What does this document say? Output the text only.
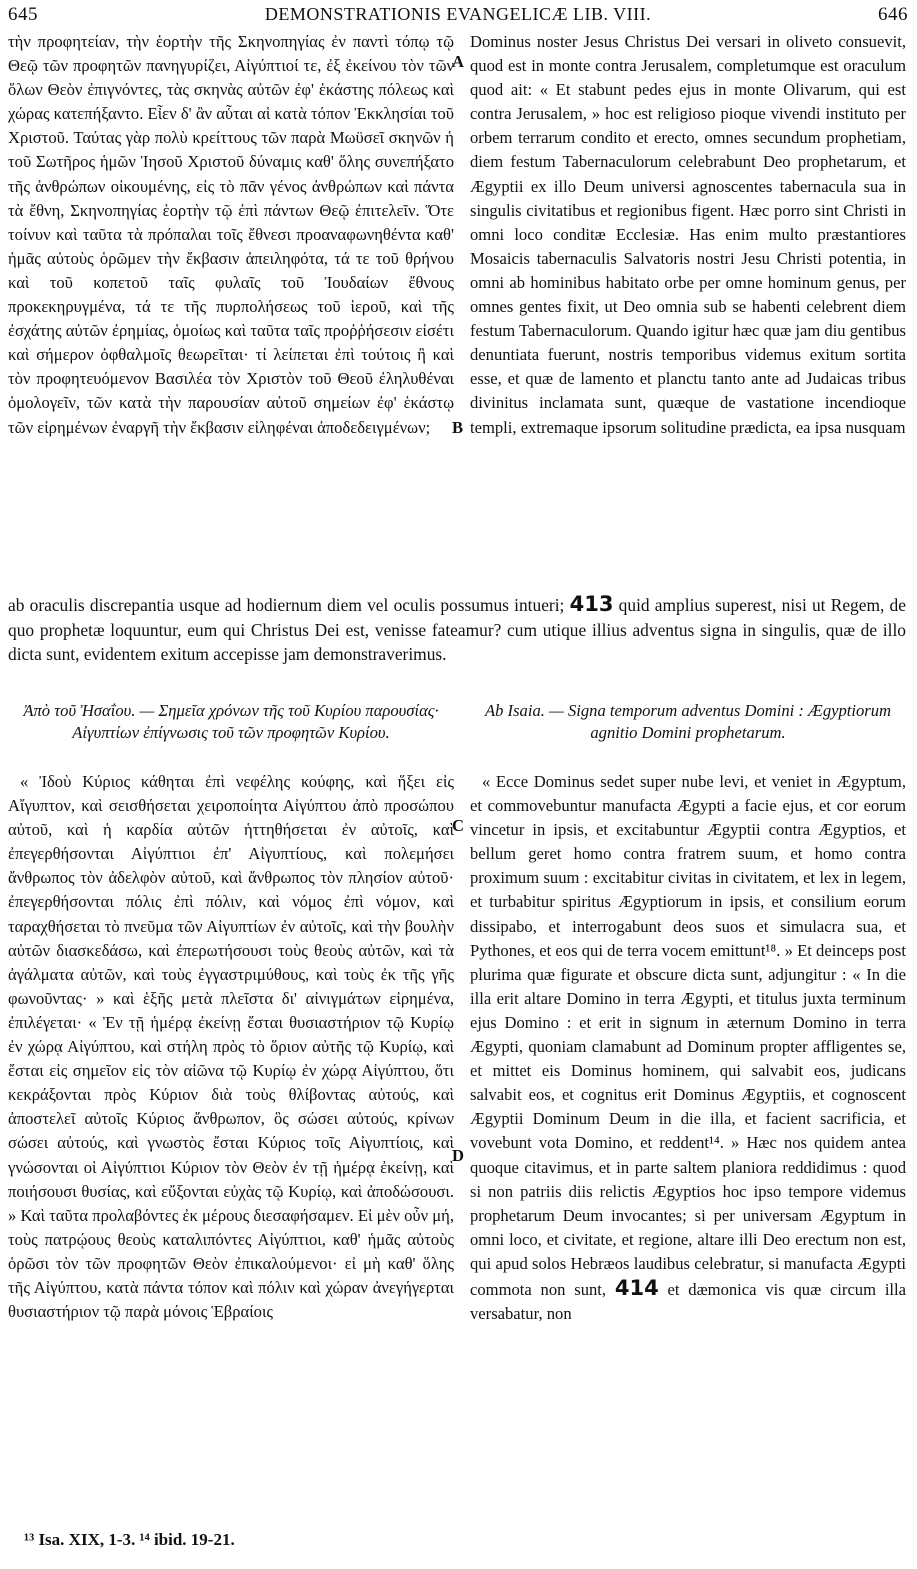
645	DEMONSTRATIONIS EVANGELICÆ LIB. VIII.	646

τὴν προφητείαν, τὴν ἑορτὴν τῆς Σκηνοπηγίας ἐν παντὶ τόπῳ τῷ Θεῷ τῶν προφητῶν πανηγυρίζει, Αἰγύπτιοί τε, ἐξ ἐκείνου τὸν τῶν ὅλων Θεὸν ἐπιγνόντες, τὰς σκηνὰς αὐτῶν ἐφ' ἑκάστης πόλεως καὶ χώρας κατεπήξαντο. Εἶεν δ' ἂν αὗται αἱ κατὰ τόπον Ἐκκλησίαι τοῦ Χριστοῦ. Ταύτας γὰρ πολὺ κρείττους τῶν παρὰ Μωϋσεῖ σκηνῶν ἡ τοῦ Σωτῆρος ἡμῶν Ἰησοῦ Χριστοῦ δύναμις καθ' ὅλης συνεπήξατο τῆς ἀνθρώπων οἰκουμένης, εἰς τὸ πᾶν γένος ἀνθρώπων καὶ πάντα τὰ ἔθνη, Σκηνοπηγίας ἑορτὴν τῷ ἐπὶ πάντων Θεῷ ἐπιτελεῖν. Ὅτε τοίνυν καὶ ταῦτα τὰ πρόπαλαι τοῖς ἔθνεσι προαναφωνηθέντα καθ' ἡμᾶς αὐτοὺς ὁρῶμεν τὴν ἔκβασιν ἀπειληφότα, τά τε τοῦ θρήνου καὶ τοῦ κοπετοῦ ταῖς φυλαῖς τοῦ Ἰουδαίων ἔθνους προκεκηρυγμένα, τά τε τῆς πυρπολήσεως τοῦ ἱεροῦ, καὶ τῆς ἐσχάτης αὐτῶν ἐρημίας, ὁμοίως καὶ ταῦτα ταῖς προῤῥήσεσιν εἰσέτι καὶ σήμερον ὀφθαλμοῖς θεωρεῖται· τί λείπεται ἐπὶ τούτοις ἢ καὶ τὸν προφητευόμενον Βασιλέα τὸν Χριστὸν τοῦ Θεοῦ ἐληλυθέναι ὁμολογεῖν, τῶν κατὰ τὴν παρουσίαν αὐτοῦ σημείων ἐφ' ἑκάστῳ τῶν εἰρημένων ἐναργῆ τὴν ἔκβασιν εἰληφέναι ἀποδεδειγμένων;

Dominus noster Jesus Christus Dei versari in oliveto consuevit, quod est in monte contra Jerusalem, completumque est oraculum quod ait: « Et stabunt pedes ejus in monte Olivarum, qui est contra Jerusalem, » hoc est religioso pioque vivendi instituto per orbem terrarum condito et erecto, omnes secundum prophetiam, diem festum Tabernaculorum celebrabunt Deo prophetarum, et Ægyptii ex illo Deum universi agnoscentes tabernacula sua in singulis civitatibus et regionibus figent. Hæc porro sint Christi in omni loco conditæ Ecclesiæ. Has enim multo præstantiores Mosaicis tabernaculis Salvatoris nostri Jesu Christi potentia, in omni ab hominibus habitato orbe per omne hominum genus, per omnes gentes fixit, ut Deo omnia sub se habenti celebrent diem festum Tabernaculorum. Quando igitur hæc quæ jam diu gentibus denuntiata fuerunt, nostris temporibus videmus exitum sortita esse, et quæ de lamento et planctu tanto ante ad Judaicas tribus divinitus inclamata sunt, quæque de vastatione incendioque templi, extremaque ipsorum solitudine prædicta, ea ipsa nusquam

A
B
C
D

ab oraculis discrepantia usque ad hodiernum diem vel oculis possumus intueri; 413 quid amplius superest, nisi ut Regem, de quo prophetæ loquuntur, eum qui Christus Dei est, venisse fateamur? cum utique illius adventus signa in singulis, quæ de illo dicta sunt, evidentem exitum accepisse jam demonstraverimus.

Ἀπὸ τοῦ Ἠσαΐου. — Σημεῖα χρόνων τῆς τοῦ Κυρίου παρουσίας· Αἰγυπτίων ἐπίγνωσις τοῦ τῶν προφητῶν Κυρίου.
Ab Isaia. — Signa temporum adventus Domini : Ægyptiorum agnitio Domini prophetarum.

« Ἰδοὺ Κύριος κάθηται ἐπὶ νεφέλης κούφης, καὶ ἥξει εἰς Αἴγυπτον, καὶ σεισθήσεται χειροποίητα Αἰγύπτου ἀπὸ προσώπου αὐτοῦ, καὶ ἡ καρδία αὐτῶν ἡττηθήσεται ἐν αὐτοῖς, καὶ ἐπεγερθήσονται Αἰγύπτιοι ἐπ' Αἰγυπτίους, καὶ πολεμήσει ἄνθρωπος τὸν ἀδελφὸν αὐτοῦ, καὶ ἄνθρωπος τὸν πλησίον αὐτοῦ· ἐπεγερθήσονται πόλις ἐπὶ πόλιν, καὶ νόμος ἐπὶ νόμον, καὶ ταραχθήσεται τὸ πνεῦμα τῶν Αἰγυπτίων ἐν αὐτοῖς, καὶ τὴν βουλὴν αὐτῶν διασκεδάσω, καὶ ἐπερωτήσουσι τοὺς θεοὺς αὐτῶν, καὶ τὰ ἀγάλματα αὐτῶν, καὶ τοὺς ἐγγαστριμύθους, καὶ τοὺς ἐκ τῆς γῆς φωνοῦντας· » καὶ ἑξῆς μετὰ πλεῖστα δι' αἰνιγμάτων εἰρημένα, ἐπιλέγεται· « Ἐν τῇ ἡμέρᾳ ἐκείνῃ ἔσται θυσιαστήριον τῷ Κυρίῳ ἐν χώρᾳ Αἰγύπτου, καὶ στήλη πρὸς τὸ ὅριον αὐτῆς τῷ Κυρίῳ, καὶ ἔσται εἰς σημεῖον εἰς τὸν αἰῶνα τῷ Κυρίῳ ἐν χώρᾳ Αἰγύπτου, ὅτι κεκράξονται πρὸς Κύριον διὰ τοὺς θλίβοντας αὐτούς, καὶ ἀποστελεῖ αὐτοῖς Κύριος ἄνθρωπον, ὃς σώσει αὐτούς, κρίνων σώσει αὐτούς, καὶ γνωστὸς ἔσται Κύριος τοῖς Αἰγυπτίοις, καὶ γνώσονται οἱ Αἰγύπτιοι Κύριον τὸν Θεὸν ἐν τῇ ἡμέρᾳ ἐκείνῃ, καὶ ποιήσουσι θυσίας, καὶ εὔξονται εὐχὰς τῷ Κυρίῳ, καὶ ἀποδώσουσι. » Καὶ ταῦτα προλαβόντες ἐκ μέρους διεσαφήσαμεν. Εἰ μὲν οὖν μή, τοὺς πατρῴους θεοὺς καταλιπόντες Αἰγύπτιοι, καθ' ἡμᾶς αὐτοὺς ὁρῶσι τὸν τῶν προφητῶν Θεὸν ἐπικαλούμενοι· εἰ μὴ καθ' ὅλης τῆς Αἰγύπτου, κατὰ πάντα τόπον καὶ πόλιν καὶ χώραν ἀνεγήγερται θυσιαστήριον τῷ παρὰ μόνοις Ἑβραίοις

« Ecce Dominus sedet super nube levi, et veniet in Ægyptum, et commovebuntur manufacta Ægypti a facie ejus, et cor eorum vincetur in ipsis, et excitabuntur Ægyptii contra Ægyptios, et bellum geret homo contra fratrem suum, et homo contra proximum suum : excitabitur civitas in civitatem, et lex in legem, et turbabitur spiritus Ægyptiorum in ipsis, et consilium eorum dissipabo, et interrogabunt deos suos et simulacra sua, et Pythones, et eos qui de terra vocem emittunt¹⁸. » Et deinceps post plurima quæ figurate et obscure dicta sunt, adjungitur : « In die illa erit altare Domino in terra Ægypti, et titulus juxta terminum ejus Domino : et erit in signum in æternum Domino in terra Ægypti, quoniam clamabunt ad Dominum propter affligentes se, et mittet eis Dominus hominem, qui salvabit eos, judicans salvabit eos, et cognitus erit Dominus Ægyptiis, et cognoscent Ægyptii Dominum Deum in die illa, et facient sacrificia, et vovebunt vota Domino, et reddent¹⁴. » Hæc nos quidem antea quoque citavimus, et in parte saltem planiora reddidimus : quod si non patriis diis relictis Ægyptios hoc ipso tempore videmus prophetarum Deum invocantes; si per universam Ægyptum in omni loco, et civitate, et regione, altare illi Deo erectum non est, qui apud solos Hebræos laudibus celebratur, si manufacta Ægypti commota non sunt, 414 et dæmonica vis quæ circum illa versabatur, non

¹³ Isa. XIX, 1-3. ¹⁴ ibid. 19-21.
